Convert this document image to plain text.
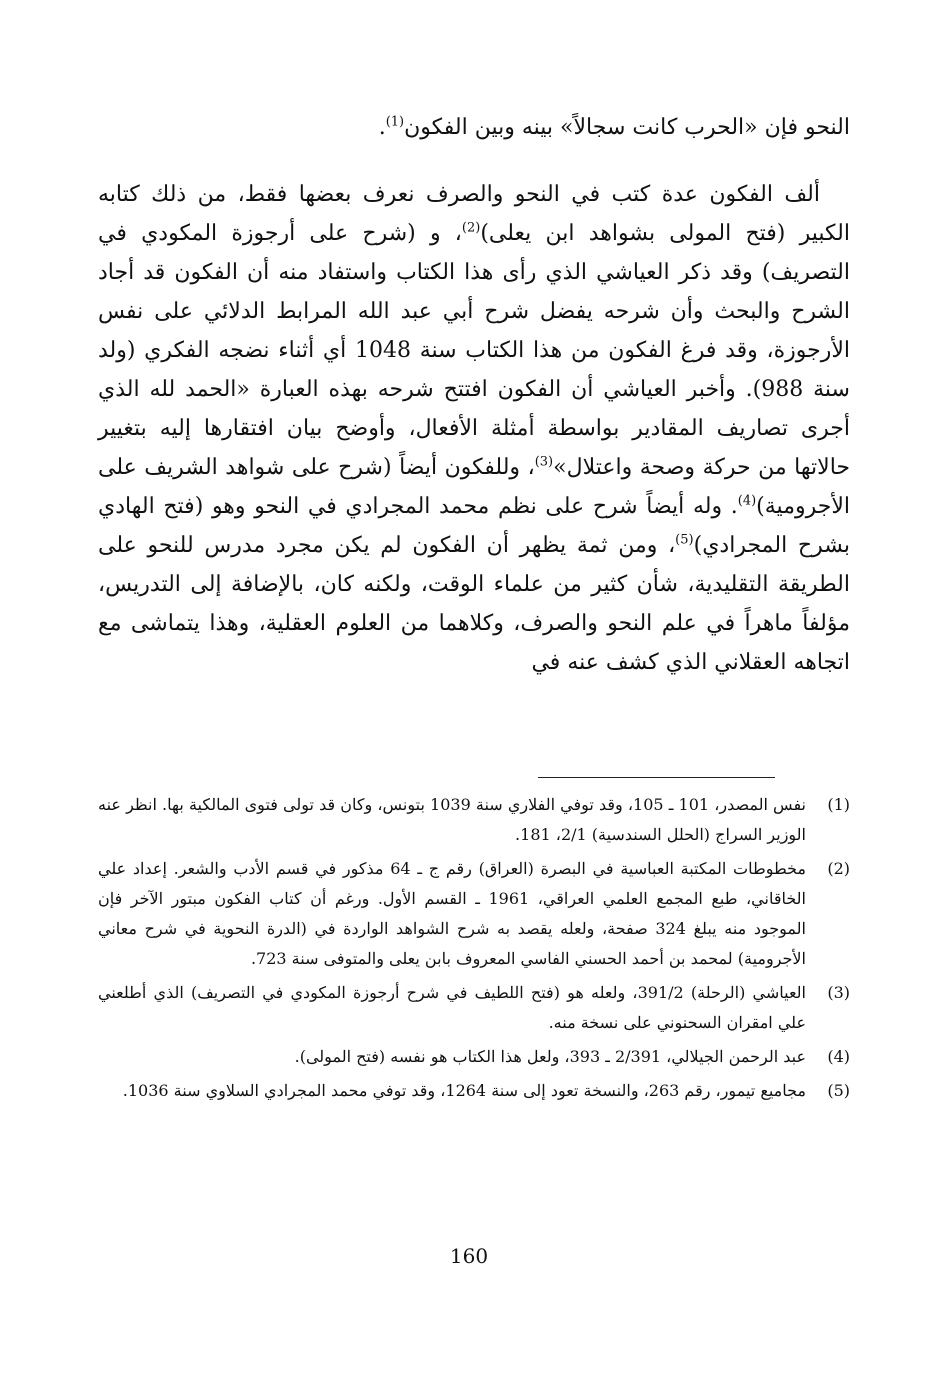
النحو فإن «الحرب كانت سجالاً» بينه وبين الفكون$^{(1)}$.

ألف الفكون عدة كتب في النحو والصرف نعرف بعضها فقط، من ذلك كتابه الكبير (فتح المولى بشواهد ابن يعلى)$^{(2)}$، و (شرح على أرجوزة المكودي في التصريف) وقد ذكر العياشي الذي رأى هذا الكتاب واستفاد منه أن الفكون قد أجاد الشرح والبحث وأن شرحه يفضل شرح أبي عبد الله المرابط الدلائي على نفس الأرجوزة، وقد فرغ الفكون من هذا الكتاب سنة 1048 أي أثناء نضجه الفكري (ولد سنة 988). وأخبر العياشي أن الفكون افتتح شرحه بهذه العبارة «الحمد لله الذي أجرى تصاريف المقادير بواسطة أمثلة الأفعال، وأوضح بيان افتقارها إليه بتغيير حالاتها من حركة وصحة واعتلال»$^{(3)}$، وللفكون أيضاً (شرح على شواهد الشريف على الأجرومية)$^{(4)}$. وله أيضاً شرح على نظم محمد المجرادي في النحو وهو (فتح الهادي بشرح المجرادي)$^{(5)}$، ومن ثمة يظهر أن الفكون لم يكن مجرد مدرس للنحو على الطريقة التقليدية، شأن كثير من علماء الوقت، ولكنه كان، بالإضافة إلى التدريس، مؤلفاً ماهراً في علم النحو والصرف، وكلاهما من العلوم العقلية، وهذا يتماشى مع اتجاهه العقلاني الذي كشف عنه في

(1)
نفس المصدر، 101 ـ 105، وقد توفي الفلاري سنة 1039 بتونس، وكان قد تولى فتوى المالكية بها. انظر عنه الوزير السراج (الحلل السندسية) 2/1، 181.
(2)
مخطوطات المكتبة العباسية في البصرة (العراق) رقم ج ـ 64 مذكور في قسم الأدب والشعر. إعداد علي الخاقاني، طبع المجمع العلمي العراقي، 1961 ـ القسم الأول. ورغم أن كتاب الفكون مبتور الآخر فإن الموجود منه يبلغ 324 صفحة، ولعله يقصد به شرح الشواهد الواردة في (الدرة النحوية في شرح معاني الأجرومية) لمحمد بن أحمد الحسني الفاسي المعروف بابن يعلى والمتوفى سنة 723.
(3)
العياشي (الرحلة) 391/2، ولعله هو (فتح اللطيف في شرح أرجوزة المكودي في التصريف) الذي أطلعني علي امقران السحنوني على نسخة منه.
(4)
عبد الرحمن الجيلالي، 2/391 ـ 393، ولعل هذا الكتاب هو نفسه (فتح المولى).
(5)
مجاميع تيمور، رقم 263، والنسخة تعود إلى سنة 1264، وقد توفي محمد المجرادي السلاوي سنة 1036.
160
